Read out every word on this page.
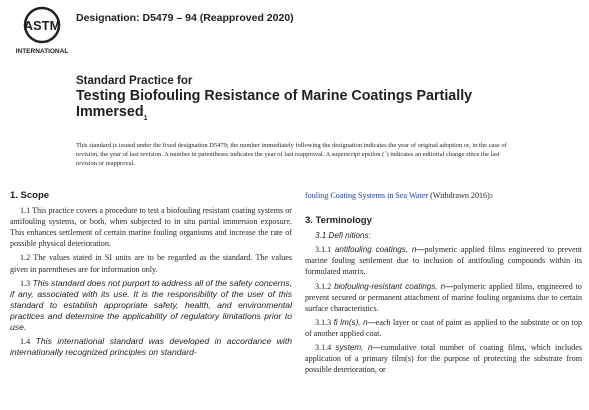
ASTM
INTERNATIONAL
Designation: D5479 – 94 (Reapproved 2020)
Standard Practice for
Testing Biofouling Resistance of Marine Coatings Partially
Immersed$_1$
This standard is issued under the fixed designation D5479; the number immediately following the designation indicates the year of original adoption or, in the case of revision, the year of last revision. A number in parentheses indicates the year of last reapproval. A superscript epsilon (´) indicates an editorial change since the last revision or reapproval.
1. Scope

1.1 This practice covers a procedure to test a biofouling resistant coating systems or antifouling systems, or both, when subjected to in situ partial immersion exposure. This enhances settlement of certain marine fouling organisms and increase the rate of possible physical deterioration.

1.2 The values stated in SI units are to be regarded as the standard. The values given in parentheses are for information only.

1.3 This standard does not purport to address all of the safety concerns, if any, associated with its use. It is the responsibility of the user of this standard to establish appropriate safety, health, and environmental practices and determine the applicability of regulatory limitations prior to use.

1.4 This international standard was developed in accordance with internationally recognized principles on standard-

fouling Coating Systems in Sea Water (Withdrawn 2016)3

3. Terminology

3.1 Defi nitions:

3.1.1 antifouling coatings, n—polymeric applied films engineered to prevent marine fouling settlement due to inclusion of antifouling compounds within its formulated matrix.

3.1.2 biofouling-resistant coatings, n—polymeric applied films, engineered to prevent secured or permanent attachment of marine fouling organisms due to certain surface characteristics.

3.1.3 fi lm(s), n—each layer or coat of paint as applied to the substrate or on top of another applied coat.

3.1.4 system, n—cumulative total number of coating films, which includes application of a primary film(s) for the purpose of protecting the substrate from possible deterioration, or
